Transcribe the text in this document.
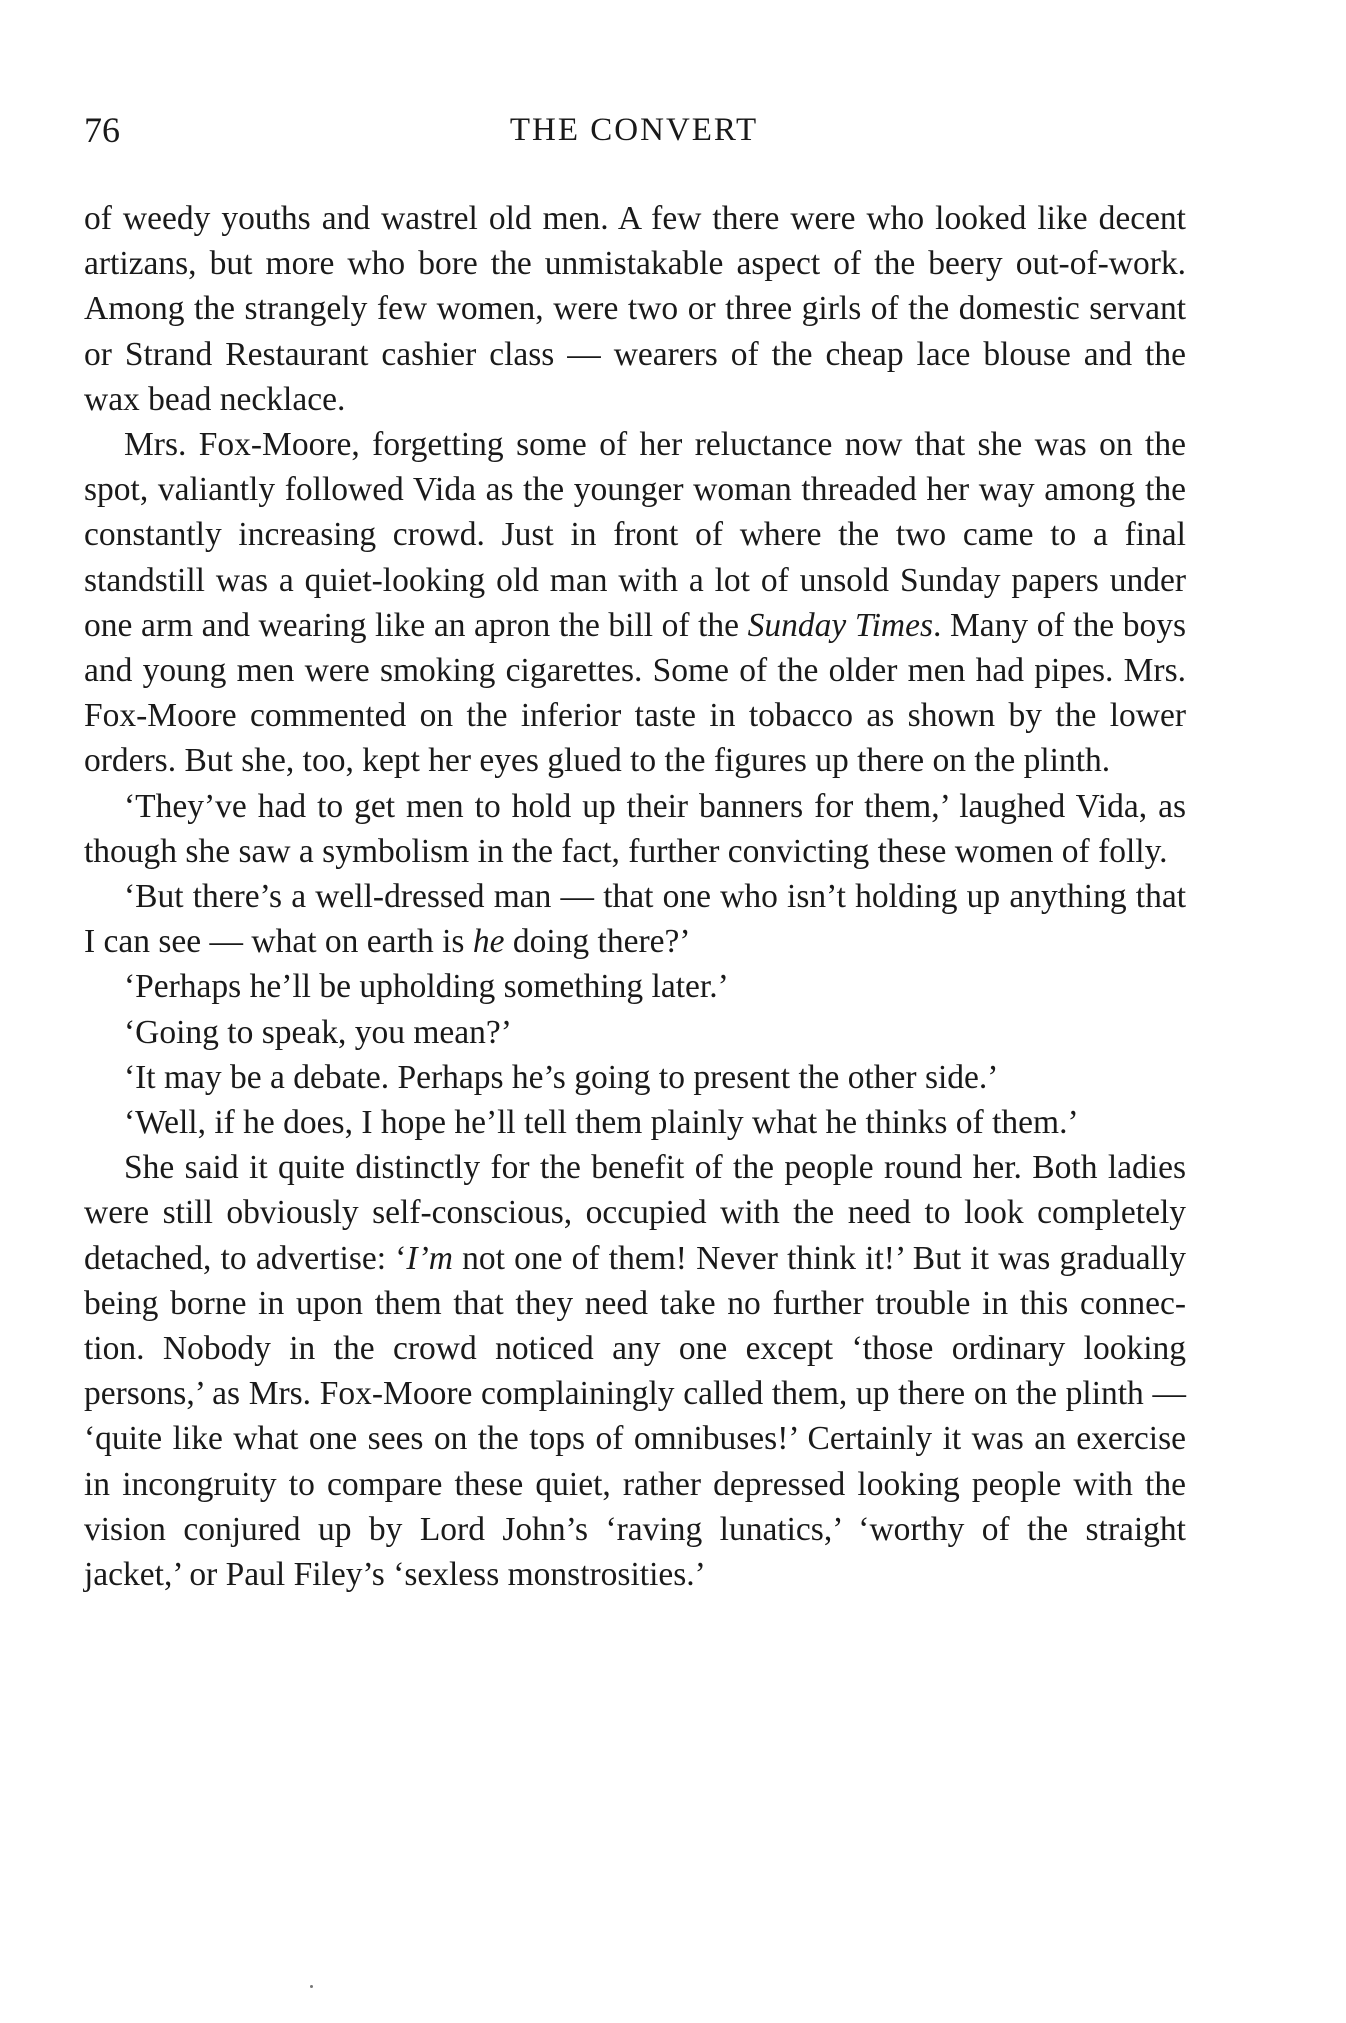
76	THE CONVERT

of weedy youths and wastrel old men. A few there were who looked like decent artizans, but more who bore the unmistakable aspect of the beery out-of-work. Among the strangely few women, were two or three girls of the domestic servant or Strand Restaurant cashier class — wearers of the cheap lace blouse and the wax bead necklace.

Mrs. Fox-Moore, forgetting some of her reluctance now that she was on the spot, valiantly followed Vida as the younger woman threaded her way among the constantly increasing crowd. Just in front of where the two came to a final standstill was a quiet-looking old man with a lot of unsold Sunday papers under one arm and wearing like an apron the bill of the Sunday Times. Many of the boys and young men were smoking cigarettes. Some of the older men had pipes. Mrs. Fox-Moore commented on the inferior taste in tobacco as shown by the lower orders. But she, too, kept her eyes glued to the figures up there on the plinth.

‘They’ve had to get men to hold up their banners for them,’ laughed Vida, as though she saw a symbolism in the fact, further convicting these women of folly.

‘But there’s a well-dressed man — that one who isn’t holding up anything that I can see — what on earth is he doing there?’

‘Perhaps he’ll be upholding something later.’

‘Going to speak, you mean?’

‘It may be a debate. Perhaps he’s going to present the other side.’

‘Well, if he does, I hope he’ll tell them plainly what he thinks of them.’

She said it quite distinctly for the benefit of the people round her. Both ladies were still obviously self-conscious, occupied with the need to look completely detached, to advertise: ‘I’m not one of them! Never think it!’ But it was gradually being borne in upon them that they need take no further trouble in this connection. Nobody in the crowd noticed any one except ‘those ordinary looking persons,’ as Mrs. Fox-Moore complainingly called them, up there on the plinth — ‘quite like what one sees on the tops of omnibuses!’ Certainly it was an exercise in incongruity to compare these quiet, rather depressed looking people with the vision conjured up by Lord John’s ‘raving lunatics,’ ‘worthy of the straight jacket,’ or Paul Filey’s ‘sexless monstrosities.’
